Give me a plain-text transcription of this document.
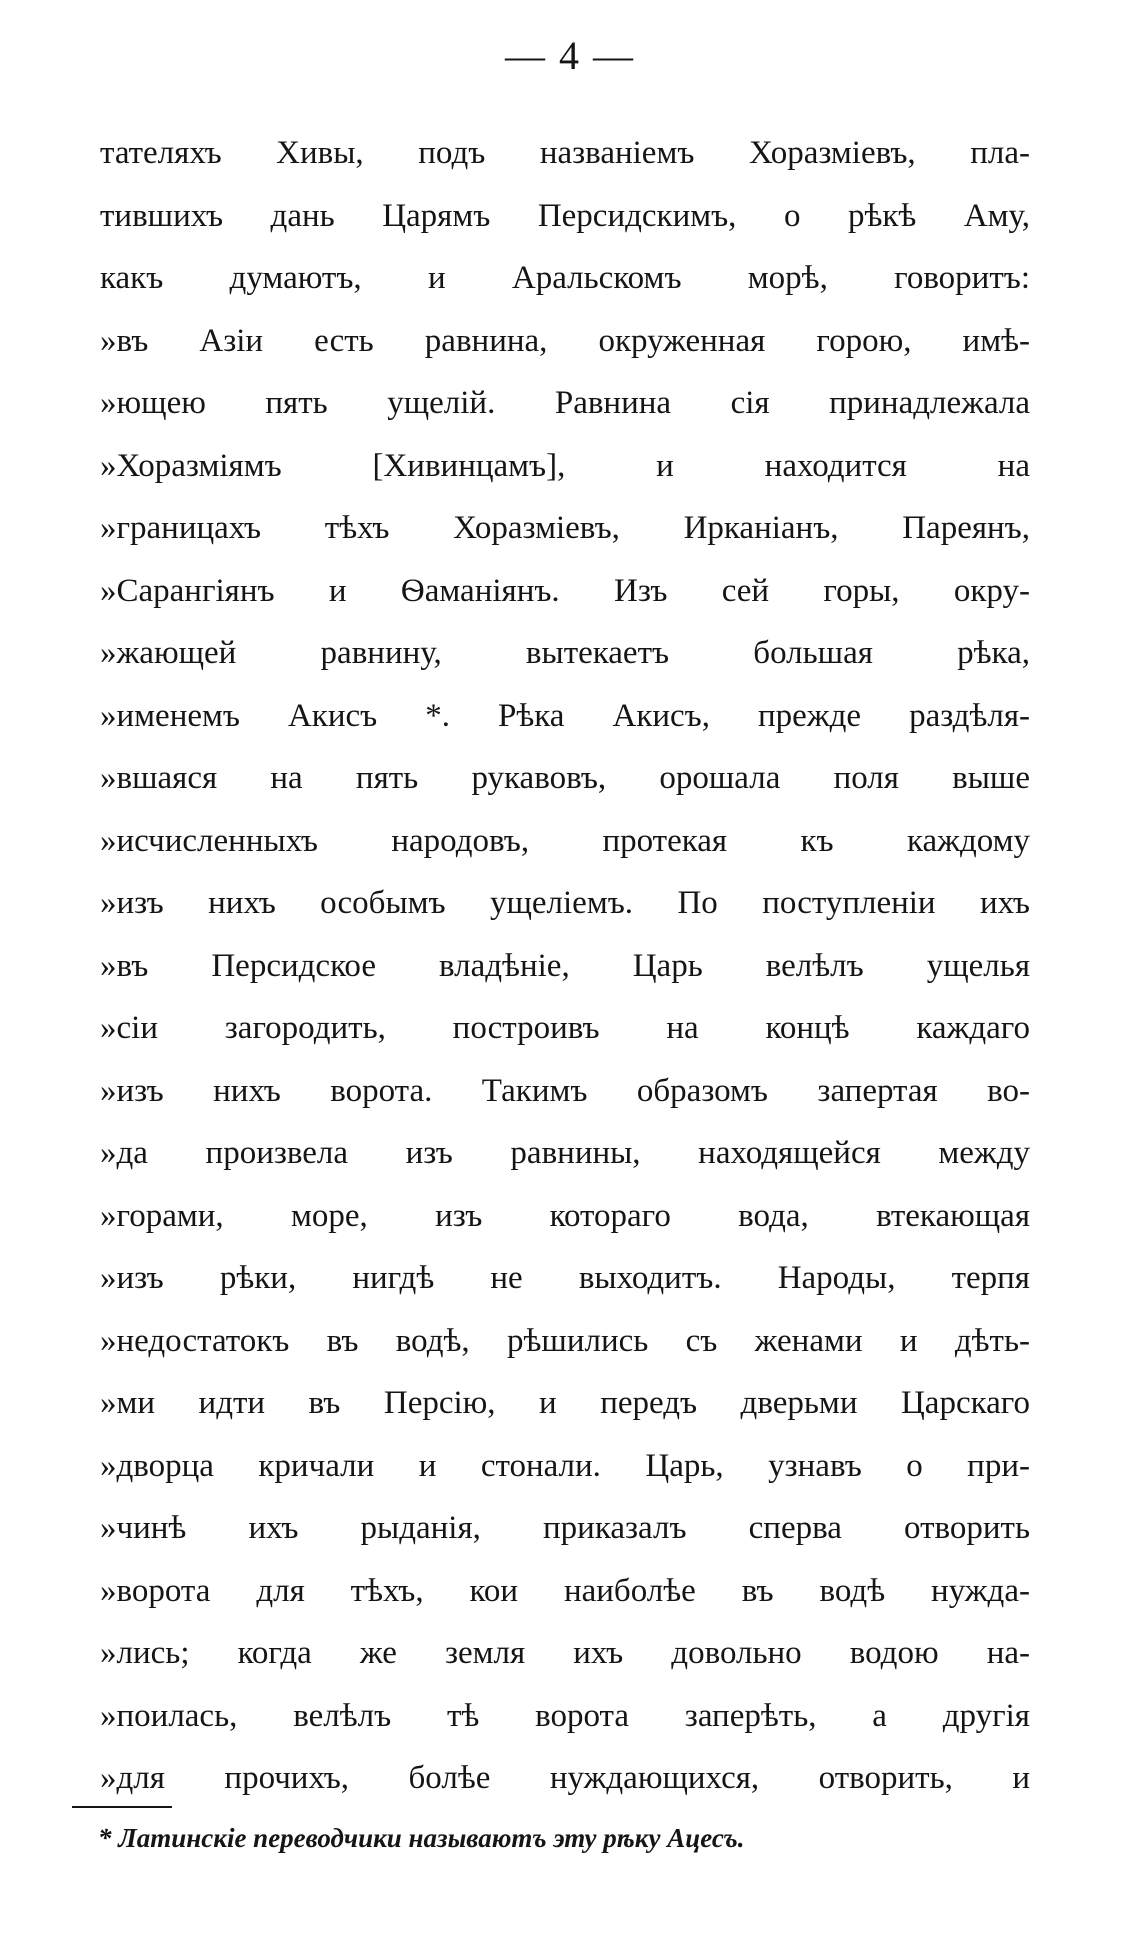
— 4 —
тателяхъ Хивы, подъ названіемъ Хоразміевъ, пла-
тившихъ дань Царямъ Персидскимъ, о рѣкѣ Аму,
какъ думаютъ, и Аральскомъ морѣ, говоритъ:
»въ Азіи есть равнина, окруженная горою, имѣ-
»ющею пять ущелій. Равнина сія принадлежала
»Хоразміямъ [Хивинцамъ], и находится на
»границахъ тѣхъ Хоразміевъ, Ирканіанъ, Пареянъ,
»Сарангіянъ и Ѳаманіянъ. Изъ сей горы, окру-
»жающей равнину, вытекаетъ большая рѣка,
»именемъ Акисъ *. Рѣка Акисъ, прежде раздѣля-
»вшаяся на пять рукавовъ, орошала поля выше
»исчисленныхъ народовъ, протекая къ каждому
»изъ нихъ особымъ ущеліемъ. По поступленіи ихъ
»въ Персидское владѣніе, Царь велѣлъ ущелья
»сіи загородить, построивъ на концѣ каждаго
»изъ нихъ ворота. Такимъ образомъ запертая во-
»да произвела изъ равнины, находящейся между
»горами, море, изъ котораго вода, втекающая
»изъ рѣки, нигдѣ не выходитъ. Народы, терпя
»недостатокъ въ водѣ, рѣшились съ женами и дѣть-
»ми идти въ Персію, и передъ дверьми Царскаго
»дворца кричали и стонали. Царь, узнавъ о при-
»чинѣ ихъ рыданія, приказалъ сперва отворить
»ворота для тѣхъ, кои наиболѣе въ водѣ нужда-
»лись; когда же земля ихъ довольно водою на-
»поилась, велѣлъ тѣ ворота заперѣть, а другія
»для прочихъ, болѣе нуждающихся, отворить, и
* Латинскіе переводчики называютъ эту рѣку Ацесъ.
